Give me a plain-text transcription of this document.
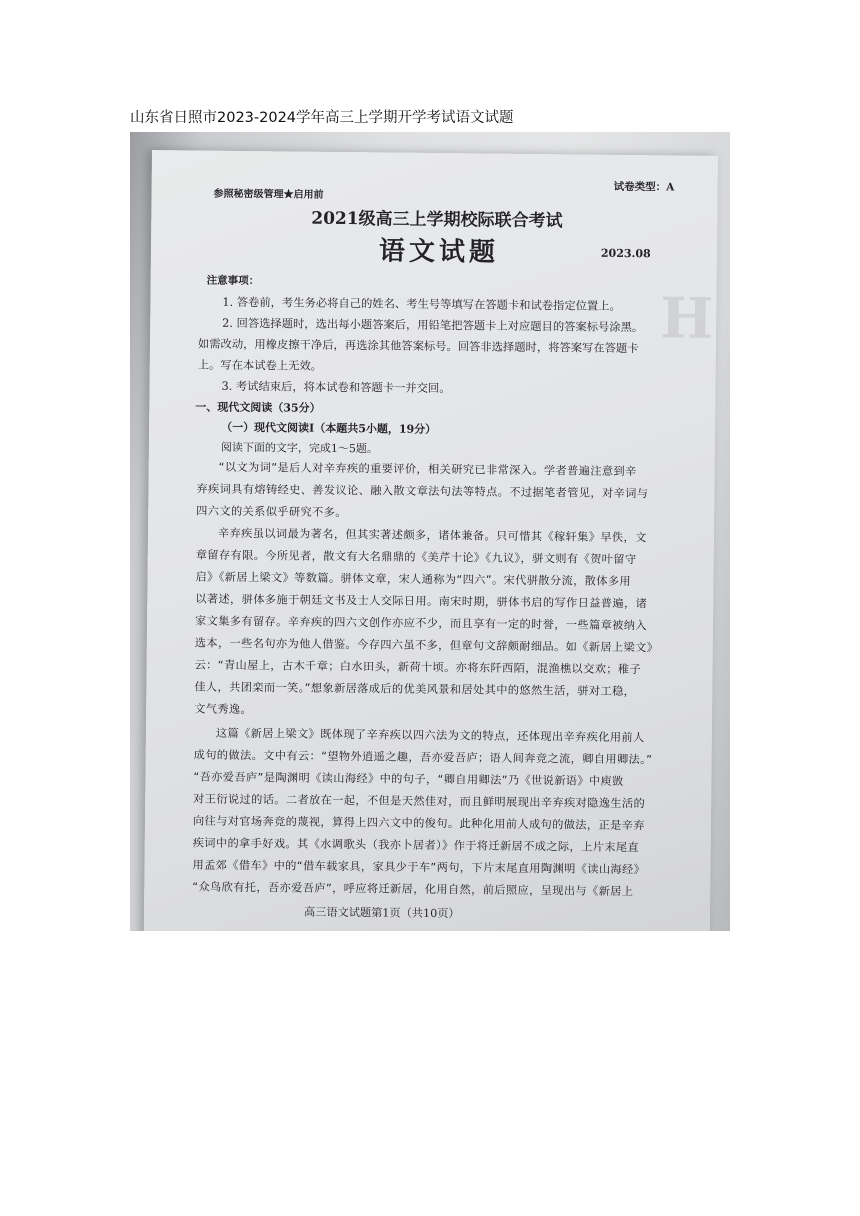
山东省日照市2023-2024学年高三上学期开学考试语文试题
H
参照秘密级管理★启用前
试卷类型：A
2021级高三上学期校际联合考试
语文试题	2023.08
注意事项：
1. 答卷前，考生务必将自己的姓名、考生号等填写在答题卡和试卷指定位置上。
2. 回答选择题时，选出每小题答案后，用铅笔把答题卡上对应题目的答案标号涂黑。
如需改动，用橡皮擦干净后，再选涂其他答案标号。回答非选择题时，将答案写在答题卡
上。写在本试卷上无效。
3. 考试结束后，将本试卷和答题卡一并交回。
一、现代文阅读（35分）
（一）现代文阅读Ⅰ（本题共5小题，19分）
阅读下面的文字，完成1～5题。
“以文为词”是后人对辛弃疾的重要评价，相关研究已非常深入。学者普遍注意到辛
弃疾词具有熔铸经史、善发议论、融入散文章法句法等特点。不过据笔者管见，对辛词与
四六文的关系似乎研究不多。
辛弃疾虽以词最为著名，但其实著述颇多，诸体兼备。只可惜其《稼轩集》早佚，文
章留存有限。今所见者，散文有大名鼎鼎的《美芹十论》《九议》，骈文则有《贺叶留守
启》《新居上梁文》等数篇。骈体文章，宋人通称为“四六”。宋代骈散分流，散体多用
以著述，骈体多施于朝廷文书及士人交际日用。南宋时期，骈体书启的写作日益普遍，诸
家文集多有留存。辛弃疾的四六文创作亦应不少，而且享有一定的时誉，一些篇章被纳入
选本，一些名句亦为他人借鉴。今存四六虽不多，但章句文辞颇耐细品。如《新居上梁文》
云：“青山屋上，古木千章；白水田头，新荷十顷。亦将东阡西陌，混渔樵以交欢；稚子
佳人，共团栾而一笑。”想象新居落成后的优美风景和居处其中的悠然生活，骈对工稳，
文气秀逸。
这篇《新居上梁文》既体现了辛弃疾以四六法为文的特点，还体现出辛弃疾化用前人
成句的做法。文中有云：“望物外逍遥之趣，吾亦爱吾庐；语人间奔竞之流，卿自用卿法。”
“吾亦爱吾庐”是陶渊明《读山海经》中的句子，“卿自用卿法”乃《世说新语》中庾敳
对王衍说过的话。二者放在一起，不但是天然佳对，而且鲜明展现出辛弃疾对隐逸生活的
向往与对官场奔竞的蔑视，算得上四六文中的俊句。此种化用前人成句的做法，正是辛弃
疾词中的拿手好戏。其《水调歌头（我亦卜居者）》作于将迁新居不成之际，上片末尾直
用孟郊《借车》中的“借车载家具，家具少于车”两句，下片末尾直用陶渊明《读山海经》
“众鸟欣有托，吾亦爱吾庐”，呼应将迁新居，化用自然，前后照应，呈现出与《新居上
高三语文试题第1页（共10页）
